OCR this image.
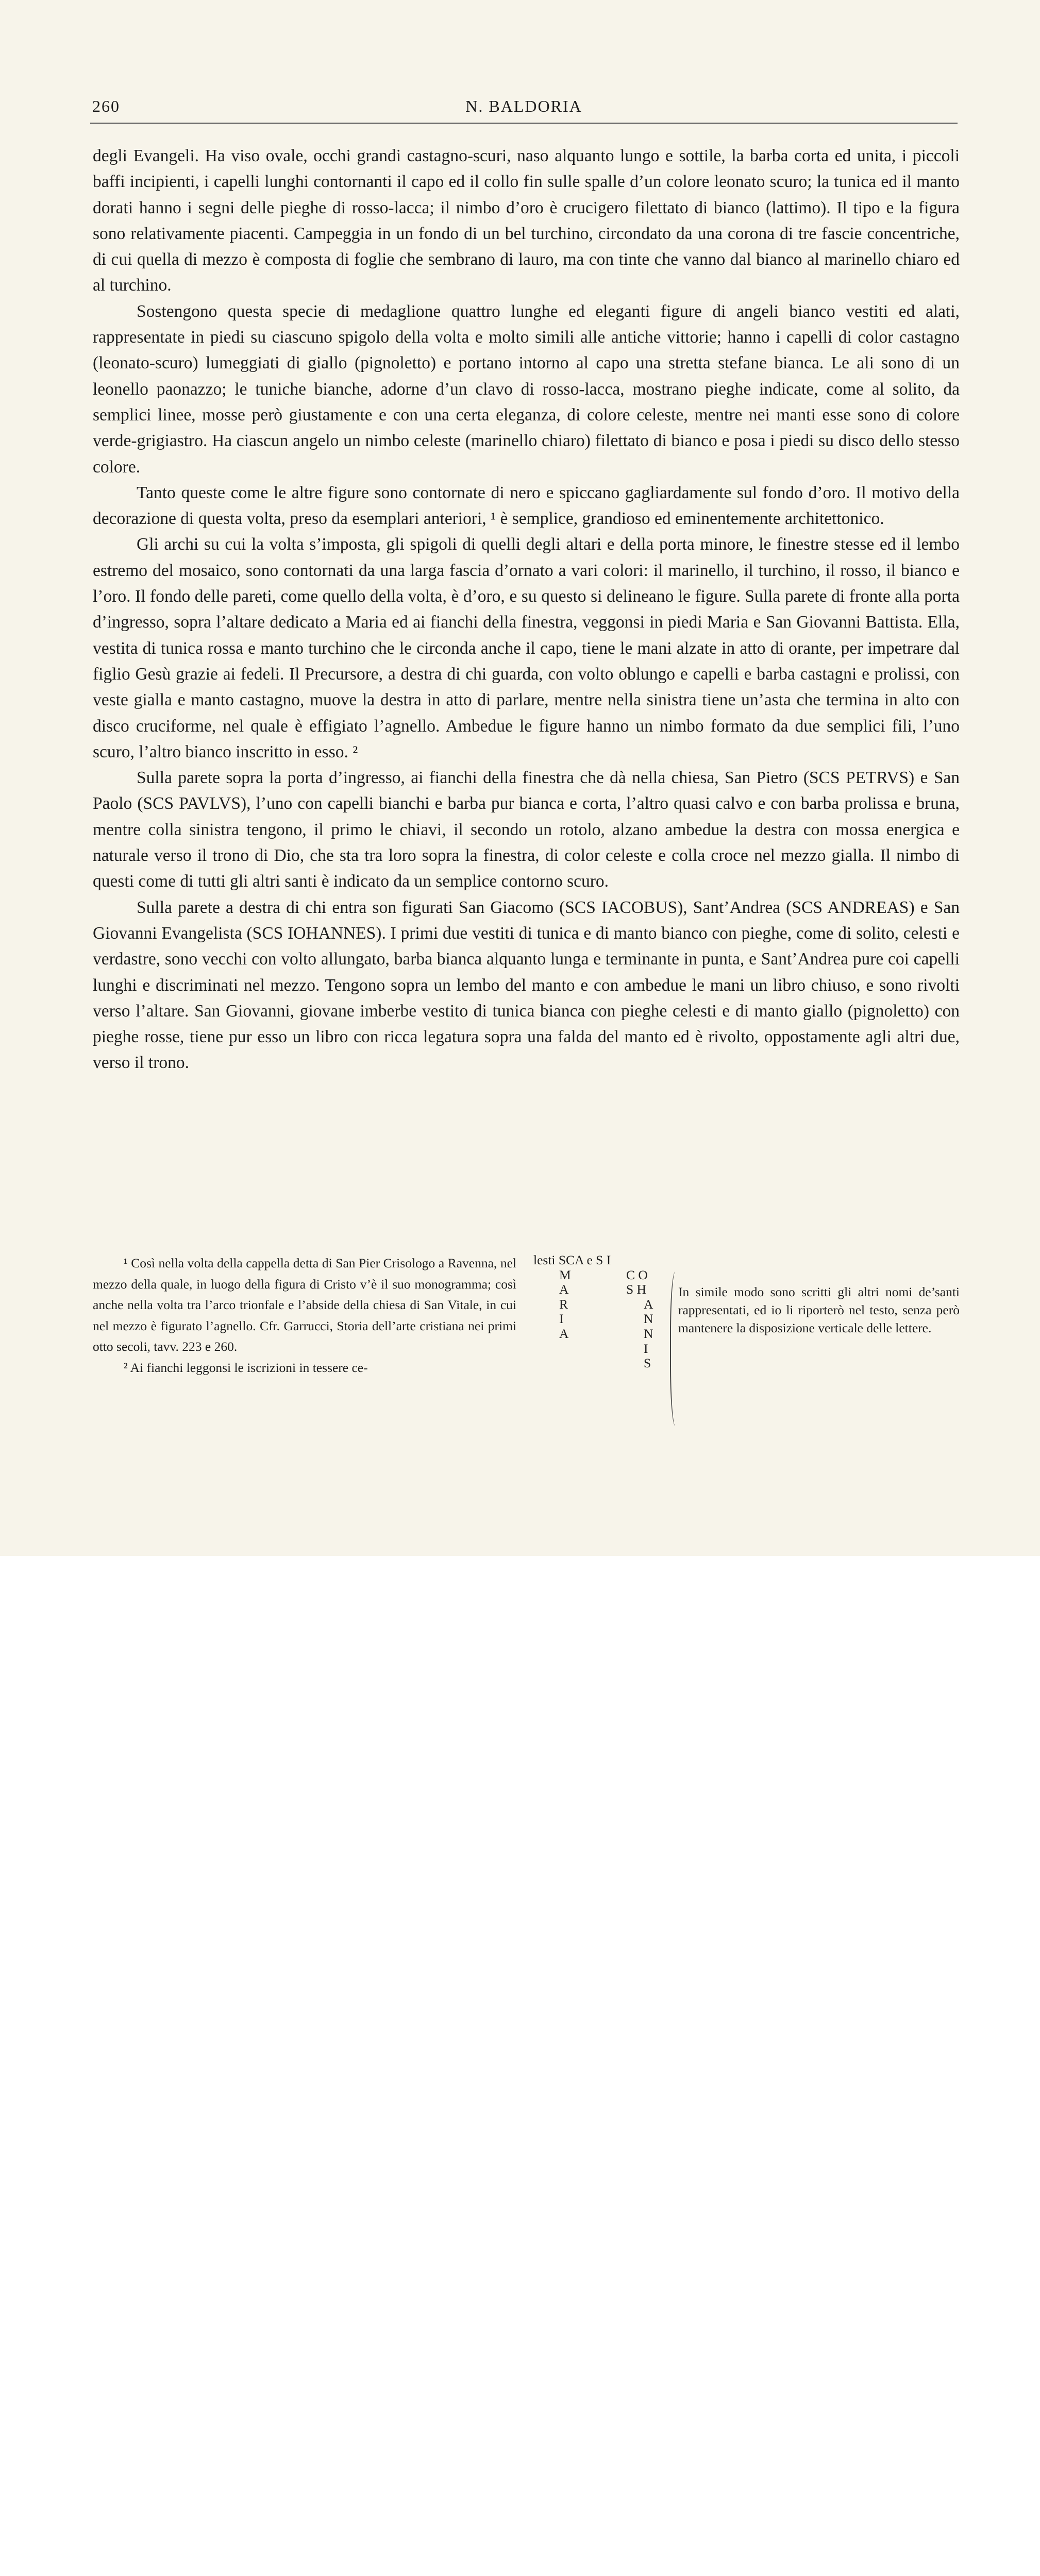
260	N. BALDORIA

degli Evangeli. Ha viso ovale, occhi grandi castagno-scuri, naso alquanto lungo e sottile, la barba corta ed unita, i piccoli baffi incipienti, i capelli lunghi contornanti il capo ed il collo fin sulle spalle d’un colore leonato scuro; la tunica ed il manto dorati hanno i segni delle pieghe di rosso-lacca; il nimbo d’oro è crucigero filettato di bianco (lattimo). Il tipo e la figura sono relativamente piacenti. Campeggia in un fondo di un bel turchino, circondato da una corona di tre fascie concentriche, di cui quella di mezzo è composta di foglie che sembrano di lauro, ma con tinte che vanno dal bianco al marinello chiaro ed al turchino.

Sostengono questa specie di medaglione quattro lunghe ed eleganti figure di angeli bianco vestiti ed alati, rappresentate in piedi su ciascuno spigolo della volta e molto simili alle antiche vittorie; hanno i capelli di color castagno (leonato-scuro) lumeggiati di giallo (pignoletto) e portano intorno al capo una stretta stefane bianca. Le ali sono di un leonello paonazzo; le tuniche bianche, adorne d’un clavo di rosso-lacca, mostrano pieghe indicate, come al solito, da semplici linee, mosse però giustamente e con una certa eleganza, di colore celeste, mentre nei manti esse sono di colore verde-grigiastro. Ha ciascun angelo un nimbo celeste (marinello chiaro) filettato di bianco e posa i piedi su disco dello stesso colore.

Tanto queste come le altre figure sono contornate di nero e spiccano gagliardamente sul fondo d’oro. Il motivo della decorazione di questa volta, preso da esemplari anteriori, ¹ è semplice, grandioso ed eminentemente architettonico.

Gli archi su cui la volta s’imposta, gli spigoli di quelli degli altari e della porta minore, le finestre stesse ed il lembo estremo del mosaico, sono contornati da una larga fascia d’ornato a vari colori: il marinello, il turchino, il rosso, il bianco e l’oro. Il fondo delle pareti, come quello della volta, è d’oro, e su questo si delineano le figure. Sulla parete di fronte alla porta d’ingresso, sopra l’altare dedicato a Maria ed ai fianchi della finestra, veggonsi in piedi Maria e San Giovanni Battista. Ella, vestita di tunica rossa e manto turchino che le circonda anche il capo, tiene le mani alzate in atto di orante, per impetrare dal figlio Gesù grazie ai fedeli. Il Precursore, a destra di chi guarda, con volto oblungo e capelli e barba castagni e prolissi, con veste gialla e manto castagno, muove la destra in atto di parlare, mentre nella sinistra tiene un’asta che termina in alto con disco cruciforme, nel quale è effigiato l’agnello. Ambedue le figure hanno un nimbo formato da due semplici fili, l’uno scuro, l’altro bianco inscritto in esso. ²

Sulla parete sopra la porta d’ingresso, ai fianchi della finestra che dà nella chiesa, San Pietro (SCS PETRVS) e San Paolo (SCS PAVLVS), l’uno con capelli bianchi e barba pur bianca e corta, l’altro quasi calvo e con barba prolissa e bruna, mentre colla sinistra tengono, il primo le chiavi, il secondo un rotolo, alzano ambedue la destra con mossa energica e naturale verso il trono di Dio, che sta tra loro sopra la finestra, di color celeste e colla croce nel mezzo gialla. Il nimbo di questi come di tutti gli altri santi è indicato da un semplice contorno scuro.

Sulla parete a destra di chi entra son figurati San Giacomo (SCS IACOBUS), Sant’Andrea (SCS ANDREAS) e San Giovanni Evangelista (SCS IOHANNES). I primi due vestiti di tunica e di manto bianco con pieghe, come di solito, celesti e verdastre, sono vecchi con volto allungato, barba bianca alquanto lunga e terminante in punta, e Sant’Andrea pure coi capelli lunghi e discriminati nel mezzo. Tengono sopra un lembo del manto e con ambedue le mani un libro chiuso, e sono rivolti verso l’altare. San Giovanni, giovane imberbe vestito di tunica bianca con pieghe celesti e di manto giallo (pignoletto) con pieghe rosse, tiene pur esso un libro con ricca legatura sopra una falda del manto ed è rivolto, oppostamente agli altri due, verso il trono.

¹ Così nella volta della cappella detta di San Pier Crisologo a Ravenna, nel mezzo della quale, in luogo della figura di Cristo v’è il suo monogramma; così anche nella volta tra l’arco trionfale e l’abside della chiesa di San Vitale, in cui nel mezzo è figurato l’agnello. Cfr. Garrucci, Storia dell’arte cristiana nei primi otto secoli, tavv. 223 e 260.

² Ai fianchi leggonsi le iscrizioni in tessere ce-

lesti SCA e S I
M	C O
A	S H
R	A
I	N
A	N
I
S
In simile modo sono scritti gli altri nomi de’santi rappresentati, ed io li riporterò nel testo, senza però mantenere la disposizione verticale delle lettere.
